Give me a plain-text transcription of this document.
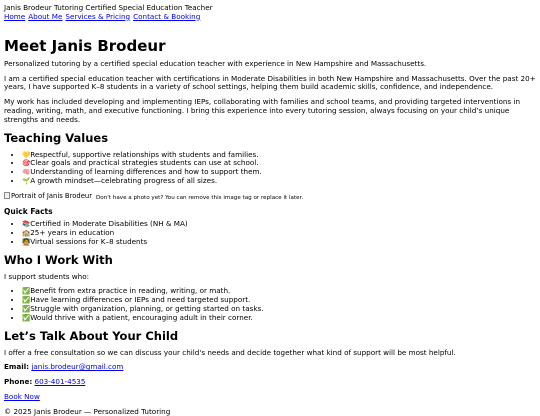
Janis Brodeur Tutoring Certified Special Education Teacher
Home About Me Services & Pricing Contact & Booking
Meet Janis Brodeur

Personalized tutoring by a certified special education teacher with experience in New Hampshire and Massachusetts.

I am a certified special education teacher with certifications in Moderate Disabilities in both New Hampshire and Massachusetts. Over the past 20+ years, I have supported K–8 students in a variety of school settings, helping them build academic skills, confidence, and independence.

My work has included developing and implementing IEPs, collaborating with families and school teams, and providing targeted interventions in reading, writing, math, and executive functioning. I bring this experience into every tutoring session, always focusing on your child’s unique strengths and needs.

Teaching Values
• 💛Respectful, supportive relationships with students and families.
• 🎯Clear goals and practical strategies students can use at school.
• 🧠Understanding of learning differences and how to support them.
• 🌱A growth mindset—celebrating progress of all sizes.
Portrait of Janis Brodeur Don't have a photo yet? You can remove this image tag or replace it later.
Quick Facts
• 📚Certified in Moderate Disabilities (NH & MA)
• 🏫25+ years in education
• 🧑‍🏫Virtual sessions for K–8 students
Who I Work With

I support students who:

• ✅Benefit from extra practice in reading, writing, or math.
• ✅Have learning differences or IEPs and need targeted support.
• ✅Struggle with organization, planning, or getting started on tasks.
• ✅Would thrive with a patient, encouraging adult in their corner.
Let’s Talk About Your Child

I offer a free consultation so we can discuss your child's needs and decide together what kind of support will be most helpful.

Email: janis.brodeur@gmail.com

Phone: 603-401-4535

Book Now

© 2025 Janis Brodeur — Personalized Tutoring
